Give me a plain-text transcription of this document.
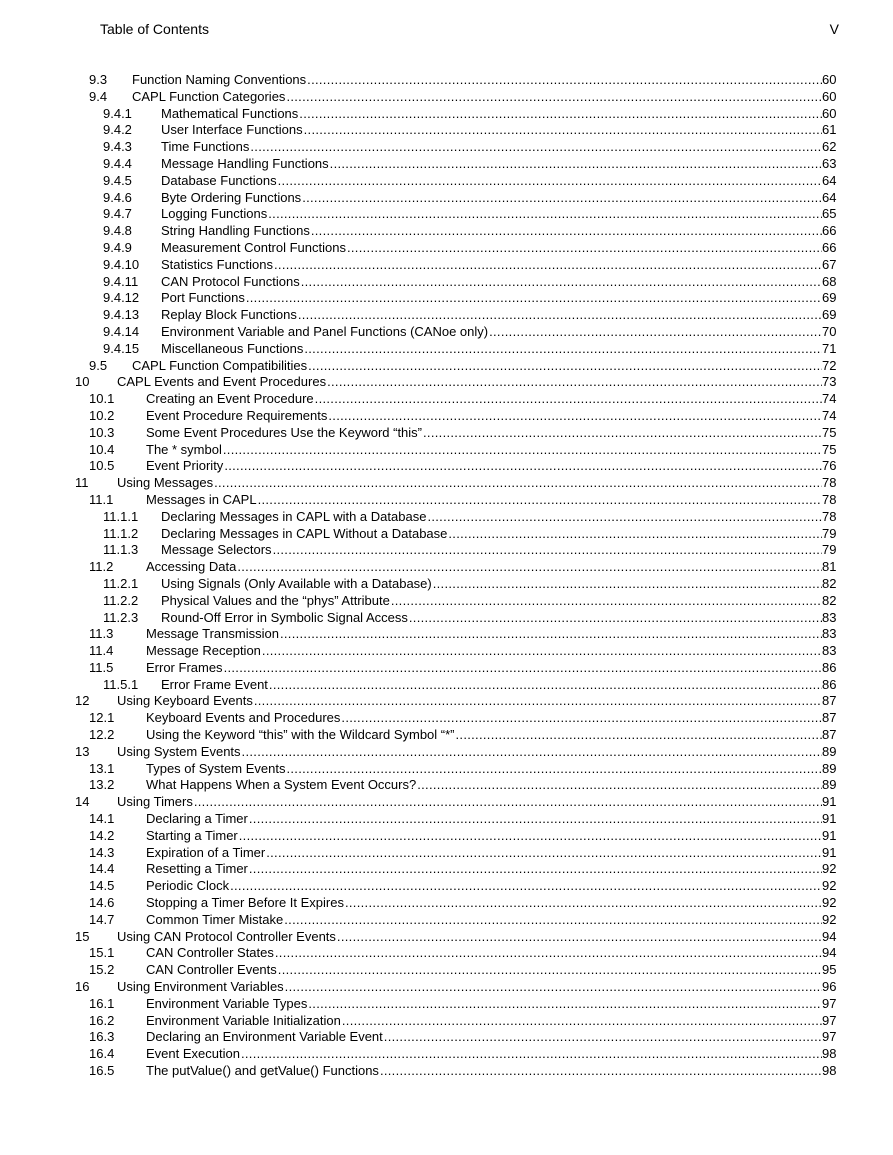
Table of Contents	V
9.3 Function Naming Conventions .....	60
9.4 CAPL Function Categories .....	60
9.4.1 Mathematical Functions .....	60
9.4.2 User Interface Functions .....	61
9.4.3 Time Functions .....	62
9.4.4 Message Handling Functions .....	63
9.4.5 Database Functions .....	64
9.4.6 Byte Ordering Functions .....	64
9.4.7 Logging Functions .....	65
9.4.8 String Handling Functions .....	66
9.4.9 Measurement Control Functions .....	66
9.4.10 Statistics Functions .....	67
9.4.11 CAN Protocol Functions .....	68
9.4.12 Port Functions .....	69
9.4.13 Replay Block Functions .....	69
9.4.14 Environment Variable and Panel Functions (CANoe only) .....	70
9.4.15 Miscellaneous Functions .....	71
9.5 CAPL Function Compatibilities .....	72
10 CAPL Events and Event Procedures .....	73
10.1 Creating an Event Procedure .....	74
10.2 Event Procedure Requirements .....	74
10.3 Some Event Procedures Use the Keyword “this” .....	75
10.4 The * symbol .....	75
10.5 Event Priority .....	76
11 Using Messages .....	78
11.1	Messages in CAPL .....	78
11.1.1 Declaring Messages in CAPL with a Database .....	78
11.1.2 Declaring Messages in CAPL Without a Database .....	79
11.1.3 Message Selectors .....	79
11.2	Accessing Data .....	81
11.2.1 Using Signals (Only Available with a Database) .....	82
11.2.2 Physical Values and the “phys” Attribute .....	82
11.2.3 Round-Off Error in Symbolic Signal Access .....	83
11.3	Message Transmission .....	83
11.4	Message Reception .....	83
11.5	Error Frames .....	86
11.5.1 Error Frame Event .....	86
12 Using Keyboard Events .....	87
12.1 Keyboard Events and Procedures .....	87
12.2 Using the Keyword “this” with the Wildcard Symbol “*” .....	87
13 Using System Events .....	89
13.1 Types of System Events .....	89
13.2 What Happens When a System Event Occurs? .....	89
14 Using Timers .....	91
14.1 Declaring a Timer .....	91
14.2 Starting a Timer .....	91
14.3 Expiration of a Timer .....	91
14.4 Resetting a Timer .....	92
14.5 Periodic Clock .....	92
14.6 Stopping a Timer Before It Expires .....	92
14.7 Common Timer Mistake .....	92
15 Using CAN Protocol Controller Events .....	94
15.1 CAN Controller States .....	94
15.2 CAN Controller Events .....	95
16 Using Environment Variables .....	96
16.1 Environment Variable Types .....	97
16.2 Environment Variable Initialization .....	97
16.3 Declaring an Environment Variable Event .....	97
16.4 Event Execution .....	98
16.5 The putValue() and getValue() Functions .....	98
